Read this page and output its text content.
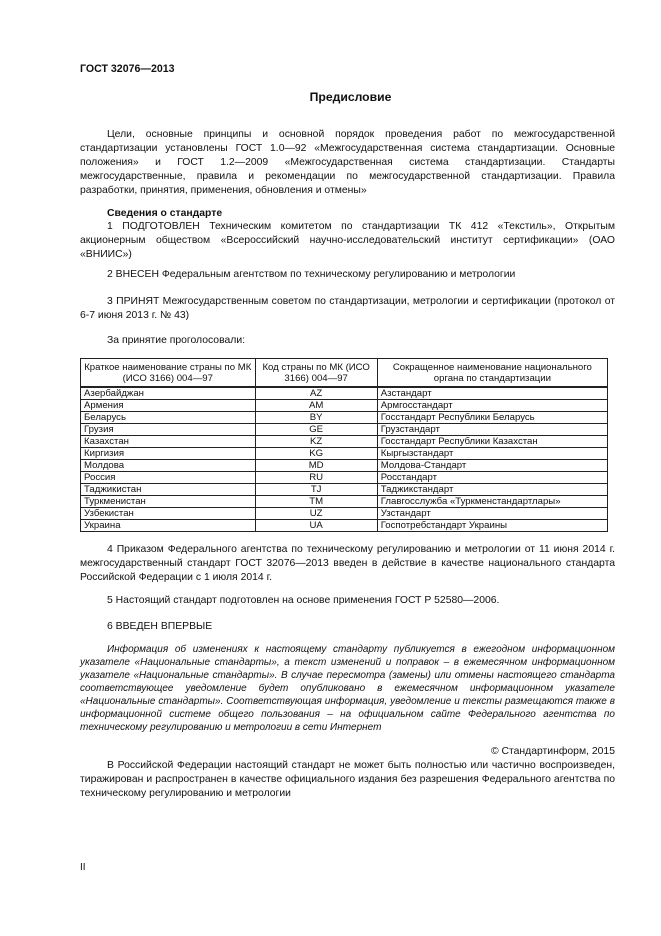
ГОСТ 32076—2013
Предисловие
Цели, основные принципы и основной порядок проведения работ по межгосударственной стандартизации установлены ГОСТ 1.0—92 «Межгосударственная система стандартизации. Основные положения» и ГОСТ 1.2—2009 «Межгосударственная система стандартизации. Стандарты межгосударственные, правила и рекомендации по межгосударственной стандартизации. Правила разработки, принятия, применения, обновления и отмены»
Сведения о стандарте
1 ПОДГОТОВЛЕН Техническим комитетом по стандартизации ТК 412 «Текстиль», Открытым акционерным обществом «Всероссийский научно-исследовательский институт сертификации» (ОАО «ВНИИС»)
2 ВНЕСЕН Федеральным агентством по техническому регулированию и метрологии
3 ПРИНЯТ Межгосударственным советом по стандартизации, метрологии и сертификации (протокол от 6-7 июня 2013 г. № 43)
За принятие проголосовали:
Краткое наименование страны по МК (ИСО 3166) 004—97	Код страны по МК (ИСО 3166) 004—97	Сокращенное наименование национального органа по стандартизации
Азербайджан	AZ	Азстандарт
Армения	AM	Армгосстандарт
Беларусь	BY	Госстандарт Республики Беларусь
Грузия	GE	Грузстандарт
Казахстан	KZ	Госстандарт Республики Казахстан
Киргизия	KG	Кыргызстандарт
Молдова	MD	Молдова-Стандарт
Россия	RU	Росстандарт
Таджикистан	TJ	Таджикстандарт
Туркменистан	TM	Главгосслужба «Туркменстандартлары»
Узбекистан	UZ	Узстандарт
Украина	UA	Госпотребстандарт Украины
4 Приказом Федерального агентства по техническому регулированию и метрологии от 11 июня 2014 г. межгосударственный стандарт ГОСТ 32076—2013 введен в действие в качестве национального стандарта Российской Федерации с 1 июля 2014 г.
5 Настоящий стандарт подготовлен на основе применения ГОСТ Р 52580—2006.
6 ВВЕДЕН ВПЕРВЫЕ
Информация об изменениях к настоящему стандарту публикуется в ежегодном информационном указателе «Национальные стандарты», а текст изменений и поправок – в ежемесячном информационном указателе «Национальные стандарты». В случае пересмотра (замены) или отмены настоящего стандарта соответствующее уведомление будет опубликовано в ежемесячном информационном указателе «Национальные стандарты». Соответствующая информация, уведомление и тексты размещаются также в информационной системе общего пользования – на официальном сайте Федерального агентства по техническому регулированию и метрологии в сети Интернет
© Стандартинформ, 2015
В Российской Федерации настоящий стандарт не может быть полностью или частично воспроизведен, тиражирован и распространен в качестве официального издания без разрешения Федерального агентства по техническому регулированию и метрологии
II
